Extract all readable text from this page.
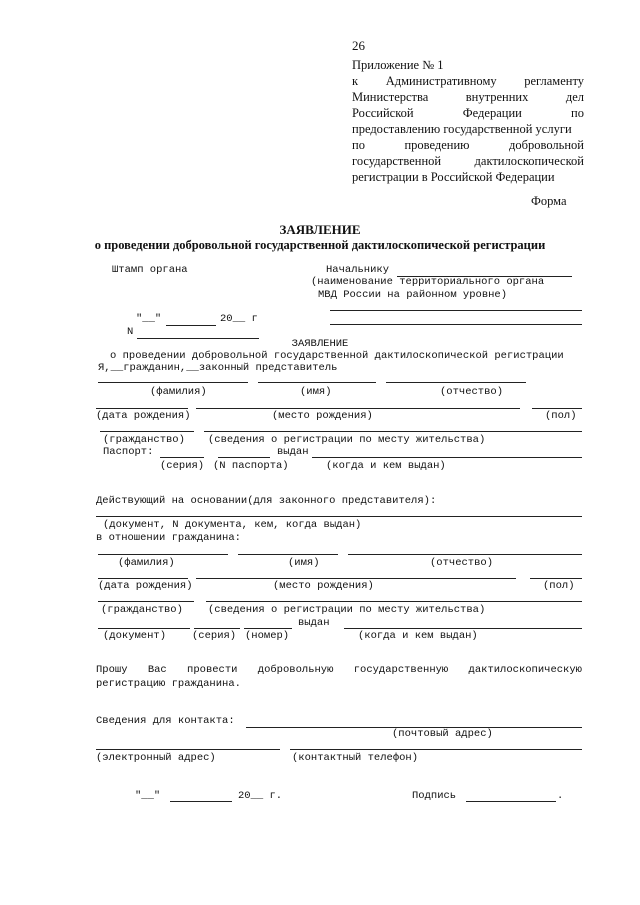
26
Приложение № 1
к Административному регламенту
Министерства	внутренних	дел
Российской	Федерации	по
предоставлению государственной услуги
по	проведению	добровольной
государственной	дактилоскопической
регистрации в Российской Федерации
Форма
ЗАЯВЛЕНИЕ
о проведении добровольной государственной дактилоскопической регистрации
Штамп органа	Начальнику
(наименование территориального органа
МВД России на районном уровне)
"__"	20__ г
N
ЗАЯВЛЕНИЕ
о проведении добровольной государственной дактилоскопической регистрации
Я,__гражданин,__законный представитель
(фамилия)	(имя)	(отчество)
(дата рождения)	(место рождения)	(пол)
(гражданство) (сведения о регистрации по месту жительства)
Паспорт:	выдан
(серия) (N паспорта)	(когда и кем выдан)
Действующий на основании(для законного представителя):
(документ, N документа, кем, когда выдан)
в отношении гражданина:
(фамилия)	(имя)	(отчество)
(дата рождения)	(место рождения)	(пол)
(гражданство) (сведения о регистрации по месту жительства)
выдан
(документ) (серия) (номер)	(когда и кем выдан)
Прошу Вас провести добровольную государственную дактилоскопическую
регистрацию гражданина.
Сведения для контакта:
(почтовый адрес)
(электронный адрес)	(контактный телефон)
"__"	20__ г.	Подпись	.
